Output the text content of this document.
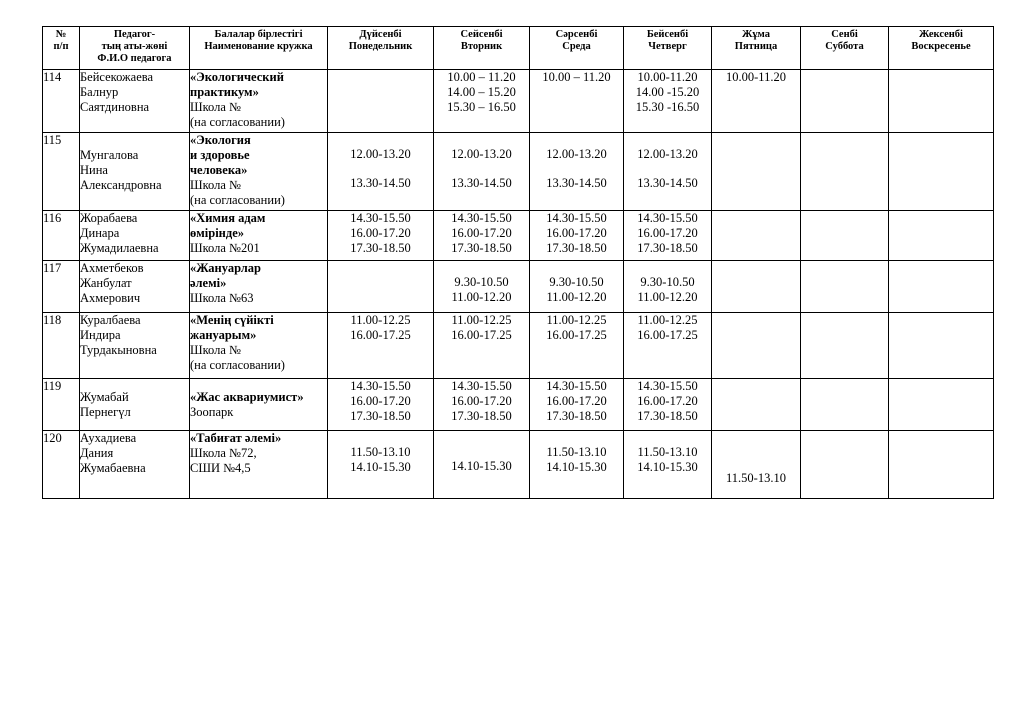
№
п/п	Педагог-
тың аты-жөні
Ф.И.О педагога	Балалар бірлестігі
Наименование кружка	Дүйсенбі
Понедельник	Сейсенбі
Вторник	Сәрсенбі
Среда	Бейсенбі
Четверг	Жұма
Пятница	Сенбі
Суббота	Жексенбі
Воскресенье

114	Бейсекожаева
Балнур
Саятдиновна	«Экологический
практикум»
Школа №
(на согласовании)		10.00 – 11.20
14.00 – 15.20
15.30 – 16.50	10.00 – 11.20	10.00-11.20
14.00 -15.20
15.30 -16.50	10.00-11.20		

115	Мунгалова
Нина
Александровна	«Экология
и здоровье
человека»
Школа №
(на согласовании)	12.00-13.20
13.30-14.50	12.00-13.20
13.30-14.50	12.00-13.20
13.30-14.50	12.00-13.20
13.30-14.50			

116	Жорабаева
Динара
Жумадилаевна	«Химия адам
өмірінде»
Школа №201	14.30-15.50
16.00-17.20
17.30-18.50	14.30-15.50
16.00-17.20
17.30-18.50	14.30-15.50
16.00-17.20
17.30-18.50	14.30-15.50
16.00-17.20
17.30-18.50			

117	Ахметбеков
Жанбулат
Ахмерович	«Жануарлар
әлемі»
Школа №63		9.30-10.50
11.00-12.20	9.30-10.50
11.00-12.20	9.30-10.50
11.00-12.20			

118	Куралбаева
Индира
Турдакыновна	«Менің сүйікті
жануарым»
Школа №
(на согласовании)	11.00-12.25
16.00-17.25	11.00-12.25
16.00-17.25	11.00-12.25
16.00-17.25	11.00-12.25
16.00-17.25			

119	Жумабай
Пернегүл	«Жас аквариумист»
Зоопарк	14.30-15.50
16.00-17.20
17.30-18.50	14.30-15.50
16.00-17.20
17.30-18.50	14.30-15.50
16.00-17.20
17.30-18.50	14.30-15.50
16.00-17.20
17.30-18.50			

120	Аухадиева
Дания
Жумабаевна	«Табиғат әлемі»
Школа №72,
СШИ №4,5	11.50-13.10
14.10-15.30	14.10-15.30	11.50-13.10
14.10-15.30	11.50-13.10
14.10-15.30	11.50-13.10		
